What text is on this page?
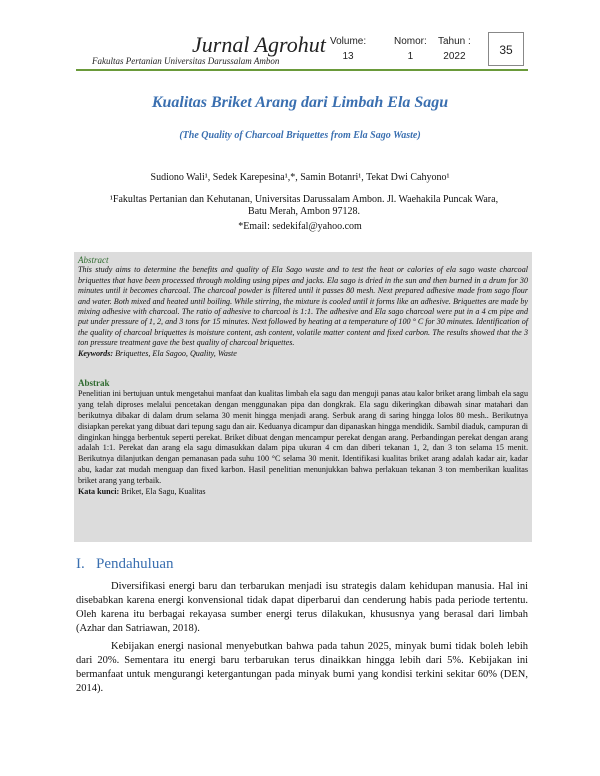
Jurnal Agrohut
Fakultas Pertanian Universitas Darussalam Ambon
Volume:
13
Nomor:
1
Tahun :
2022	35
Kualitas Briket Arang dari Limbah Ela Sagu
(The Quality of Charcoal Briquettes from Ela Sago Waste)
Sudiono Wali¹, Sedek Karepesina¹,*, Samin Botanri¹, Tekat Dwi Cahyono¹
¹Fakultas Pertanian dan Kehutanan, Universitas Darussalam Ambon. Jl. Waehakila Puncak Wara, Batu Merah, Ambon 97128.
*Email: sedekifal@yahoo.com
Abstract
This study aims to determine the benefits and quality of Ela Sago waste and to test the heat or calories of ela sago waste charcoal briquettes that have been processed through molding using pipes and jacks. Ela sago is dried in the sun and then burned in a drum for 30 minutes until it becomes charcoal. The charcoal powder is filtered until it passes 80 mesh. Next prepared adhesive made from sago flour and water. Both mixed and heated until boiling. While stirring, the mixture is cooled until it forms like an adhesive. Briquettes are made by mixing adhesive with charcoal. The ratio of adhesive to charcoal is 1:1. The adhesive and Ela sago charcoal were put in a 4 cm pipe and put under pressure of 1, 2, and 3 tons for 15 minutes. Next followed by heating at a temperature of 100 ° C for 30 minutes. Identification of the quality of charcoal briquettes is moisture content, ash content, volatile matter content and fixed carbon. The results showed that the 3 ton pressure treatment gave the best quality of charcoal briquettes.
Keywords: Briquettes, Ela Sagoo, Quality, Waste
Abstrak
Penelitian ini bertujuan untuk mengetahui manfaat dan kualitas limbah ela sagu dan menguji panas atau kalor briket arang limbah ela sagu yang telah diproses melalui pencetakan dengan menggunakan pipa dan dongkrak. Ela sagu dikeringkan dibawah sinar matahari dan berikutnya dibakar di dalam drum selama 30 menit hingga menjadi arang. Serbuk arang di saring hingga lolos 80 mesh.. Berikutnya disiapkan perekat yang dibuat dari tepung sagu dan air. Keduanya dicampur dan dipanaskan hingga mendidik. Sambil diaduk, campuran di dinginkan hingga berbentuk seperti perekat. Briket dibuat dengan mencampur perekat dengan arang. Perbandingan perekat dengan arang adalah 1:1. Perekat dan arang ela sagu dimasukkan dalam pipa ukuran 4 cm dan diberi tekanan 1, 2, dan 3 ton selama 15 menit. Berikutnya dilanjutkan dengan pemanasan pada suhu 100 °C selama 30 menit. Identifikasi kualitas briket arang adalah kadar air, kadar abu, kadar zat mudah menguap dan fixed karbon. Hasil penelitian menunjukkan bahwa perlakuan tekanan 3 ton memberikan kualitas briket arang yang terbaik.
Kata kunci: Briket, Ela Sagu, Kualitas
I. Pendahuluan
Diversifikasi energi baru dan terbarukan menjadi isu strategis dalam kehidupan manusia. Hal ini disebabkan karena energi konvensional tidak dapat diperbarui dan cenderung habis pada periode tertentu. Oleh karena itu berbagai rekayasa sumber energi terus dilakukan, khususnya yang berasal dari limbah (Azhar dan Satriawan, 2018).
Kebijakan energi nasional menyebutkan bahwa pada tahun 2025, minyak bumi tidak boleh lebih dari 20%. Sementara itu energi baru terbarukan terus dinaikkan hingga lebih dari 5%. Kebijakan ini bermanfaat untuk mengurangi ketergantungan pada minyak bumi yang kondisi terkini sekitar 60% (DEN, 2014).
